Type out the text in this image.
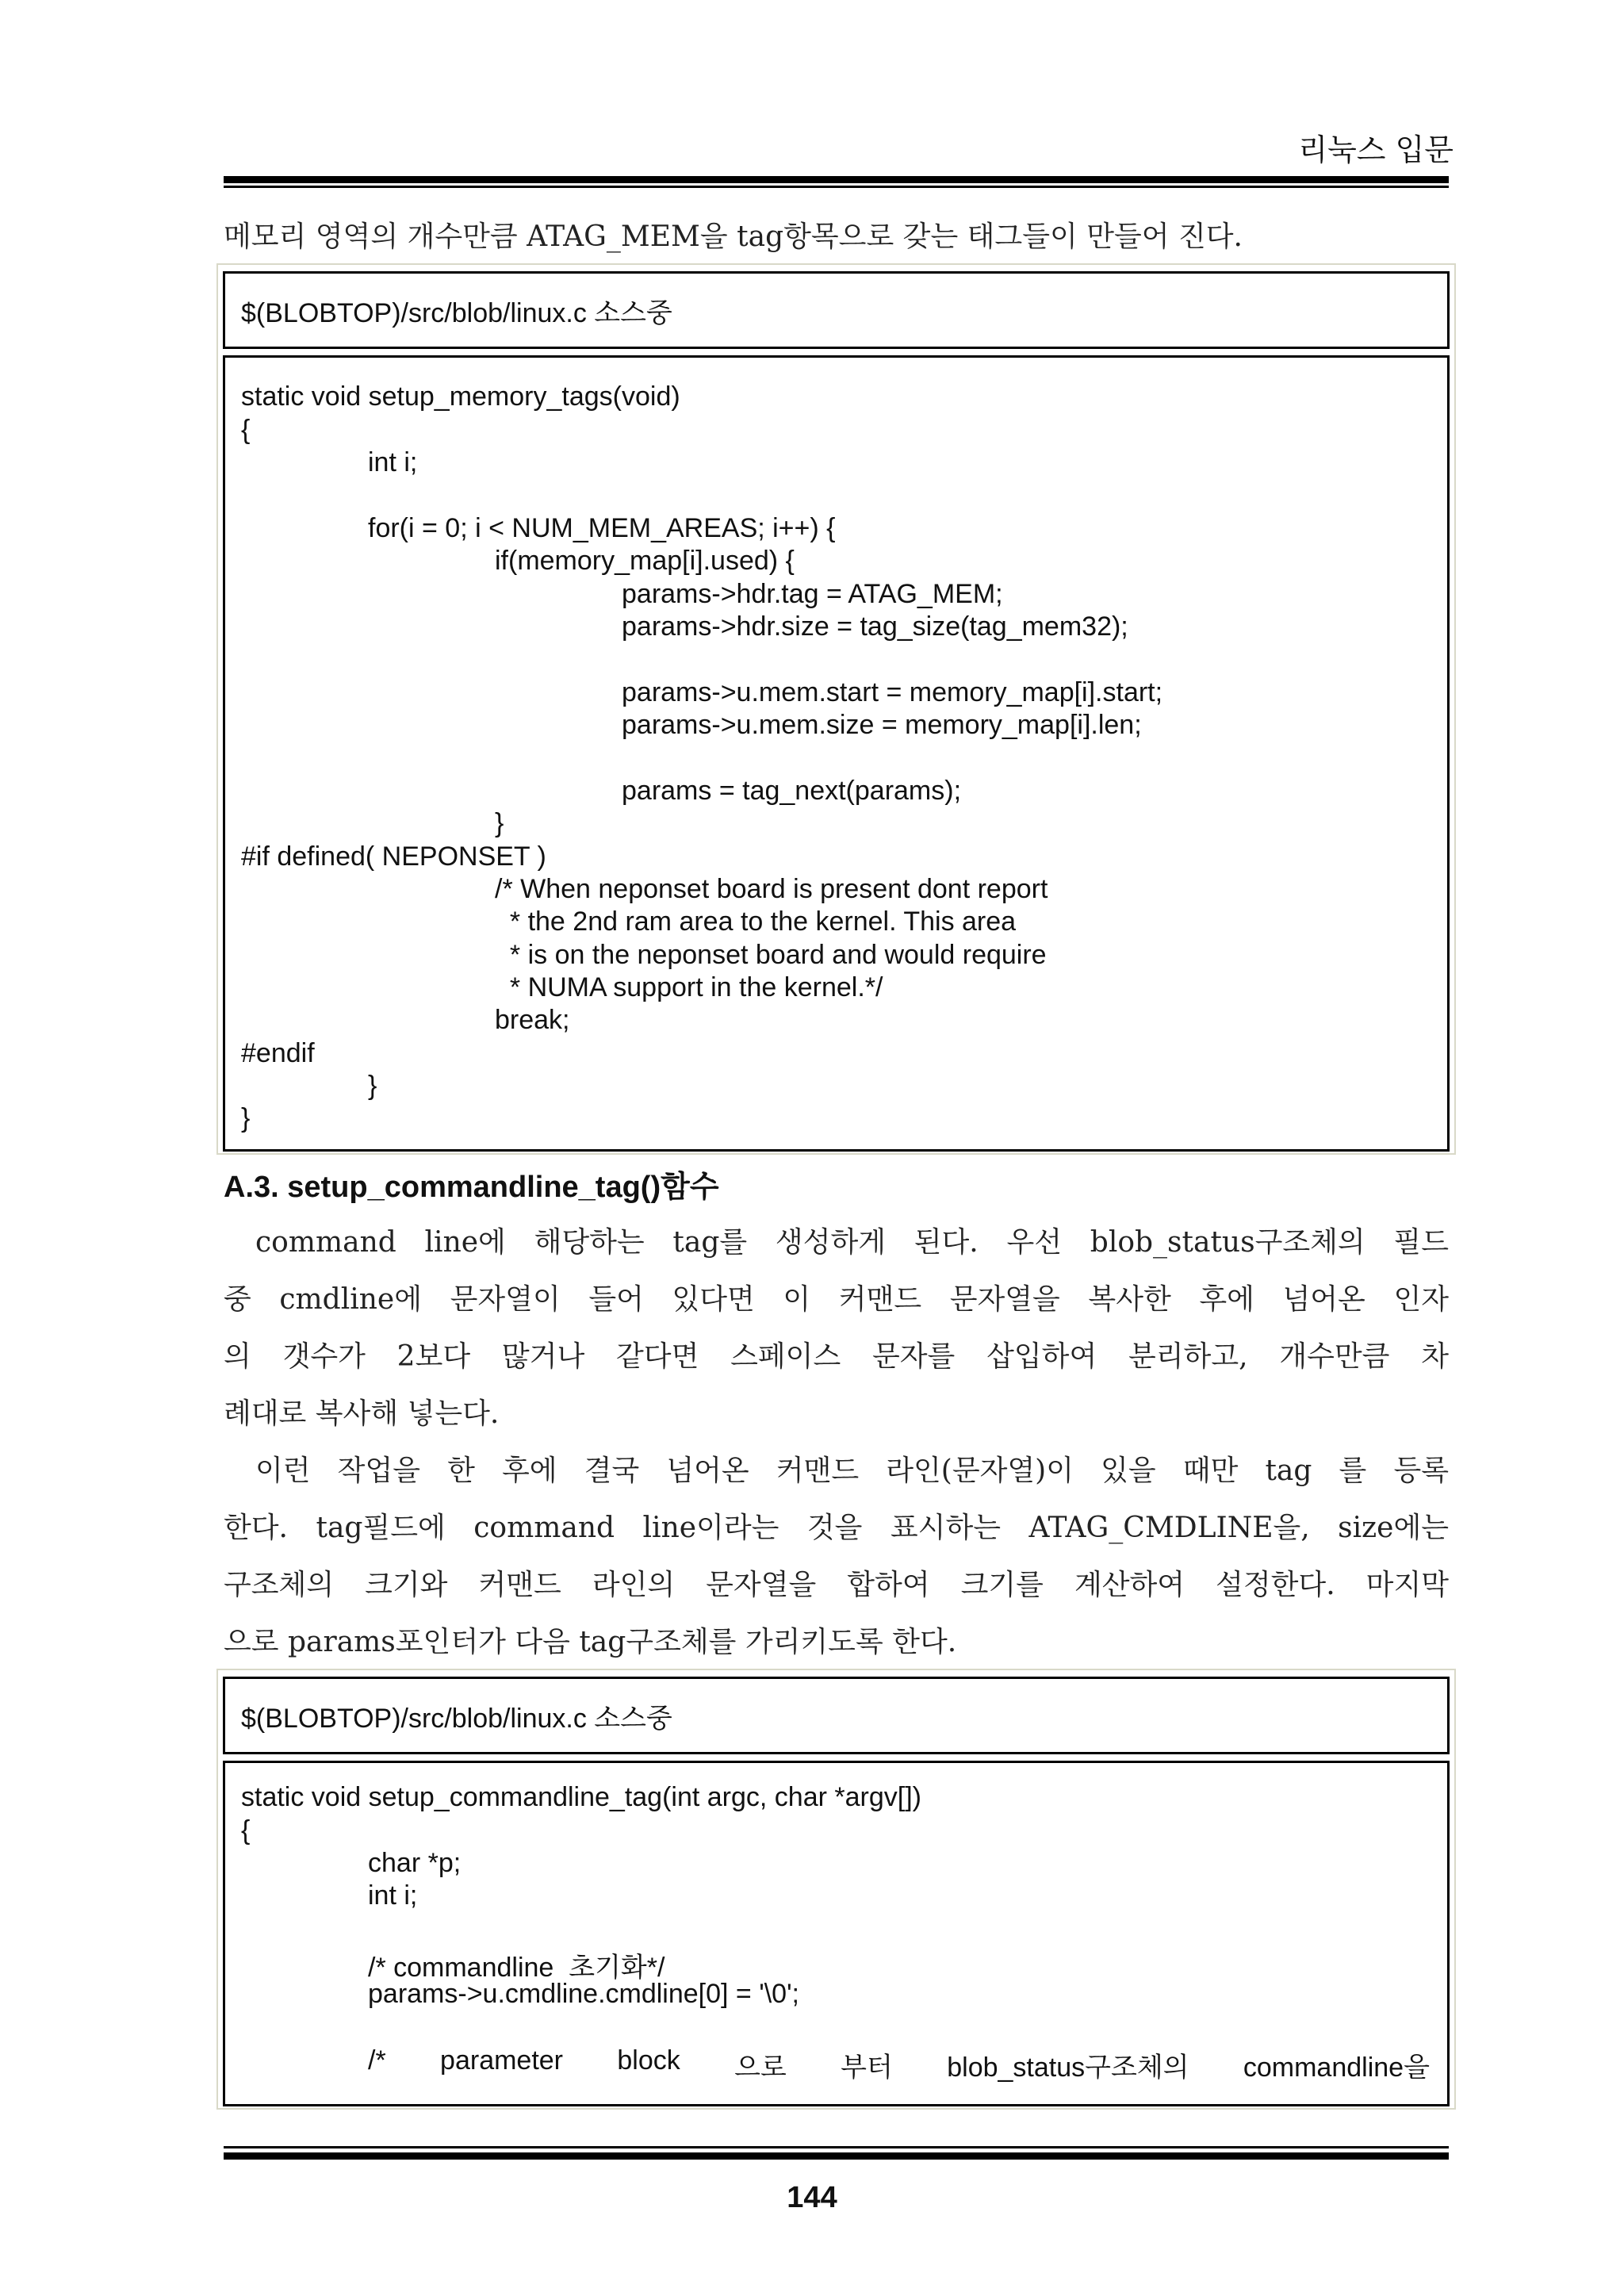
리눅스 입문
메모리 영역의 개수만큼 ATAG_MEM을 tag항목으로 갖는 태그들이 만들어 진다.
$(BLOBTOP)/src/blob/linux.c 소스중
static void setup_memory_tags(void)
{
int i;
for(i = 0; i < NUM_MEM_AREAS; i++) {
if(memory_map[i].used) {
params->hdr.tag = ATAG_MEM;
params->hdr.size = tag_size(tag_mem32);
params->u.mem.start = memory_map[i].start;
params->u.mem.size = memory_map[i].len;
params = tag_next(params);
}
#if defined( NEPONSET )
/* When neponset board is present dont report
* the 2nd ram area to the kernel. This area
* is on the neponset board and would require
* NUMA support in the kernel.*/
break;
#endif
}
}
A.3. setup_commandline_tag()함수
command line에 해당하는 tag를 생성하게 된다. 우선 blob_status구조체의 필드
중 cmdline에 문자열이 들어 있다면 이 커맨드 문자열을 복사한 후에 넘어온 인자
의 갯수가 2보다 많거나 같다면 스페이스 문자를 삽입하여 분리하고, 개수만큼 차
례대로 복사해 넣는다.
이런 작업을 한 후에 결국 넘어온 커맨드 라인(문자열)이 있을 때만 tag 를 등록
한다. tag필드에 command line이라는 것을 표시하는 ATAG_CMDLINE을, size에는
구조체의 크기와 커맨드 라인의 문자열을 합하여 크기를 계산하여 설정한다. 마지막
으로 params포인터가 다음 tag구조체를 가리키도록 한다.
$(BLOBTOP)/src/blob/linux.c 소스중
static void setup_commandline_tag(int argc, char *argv[])
{
char *p;
int i;
/* commandline  초기화*/
params->u.cmdline.cmdline[0] = '\0';
/* parameter block 으로 부터 blob_status구조체의 commandline을
144
